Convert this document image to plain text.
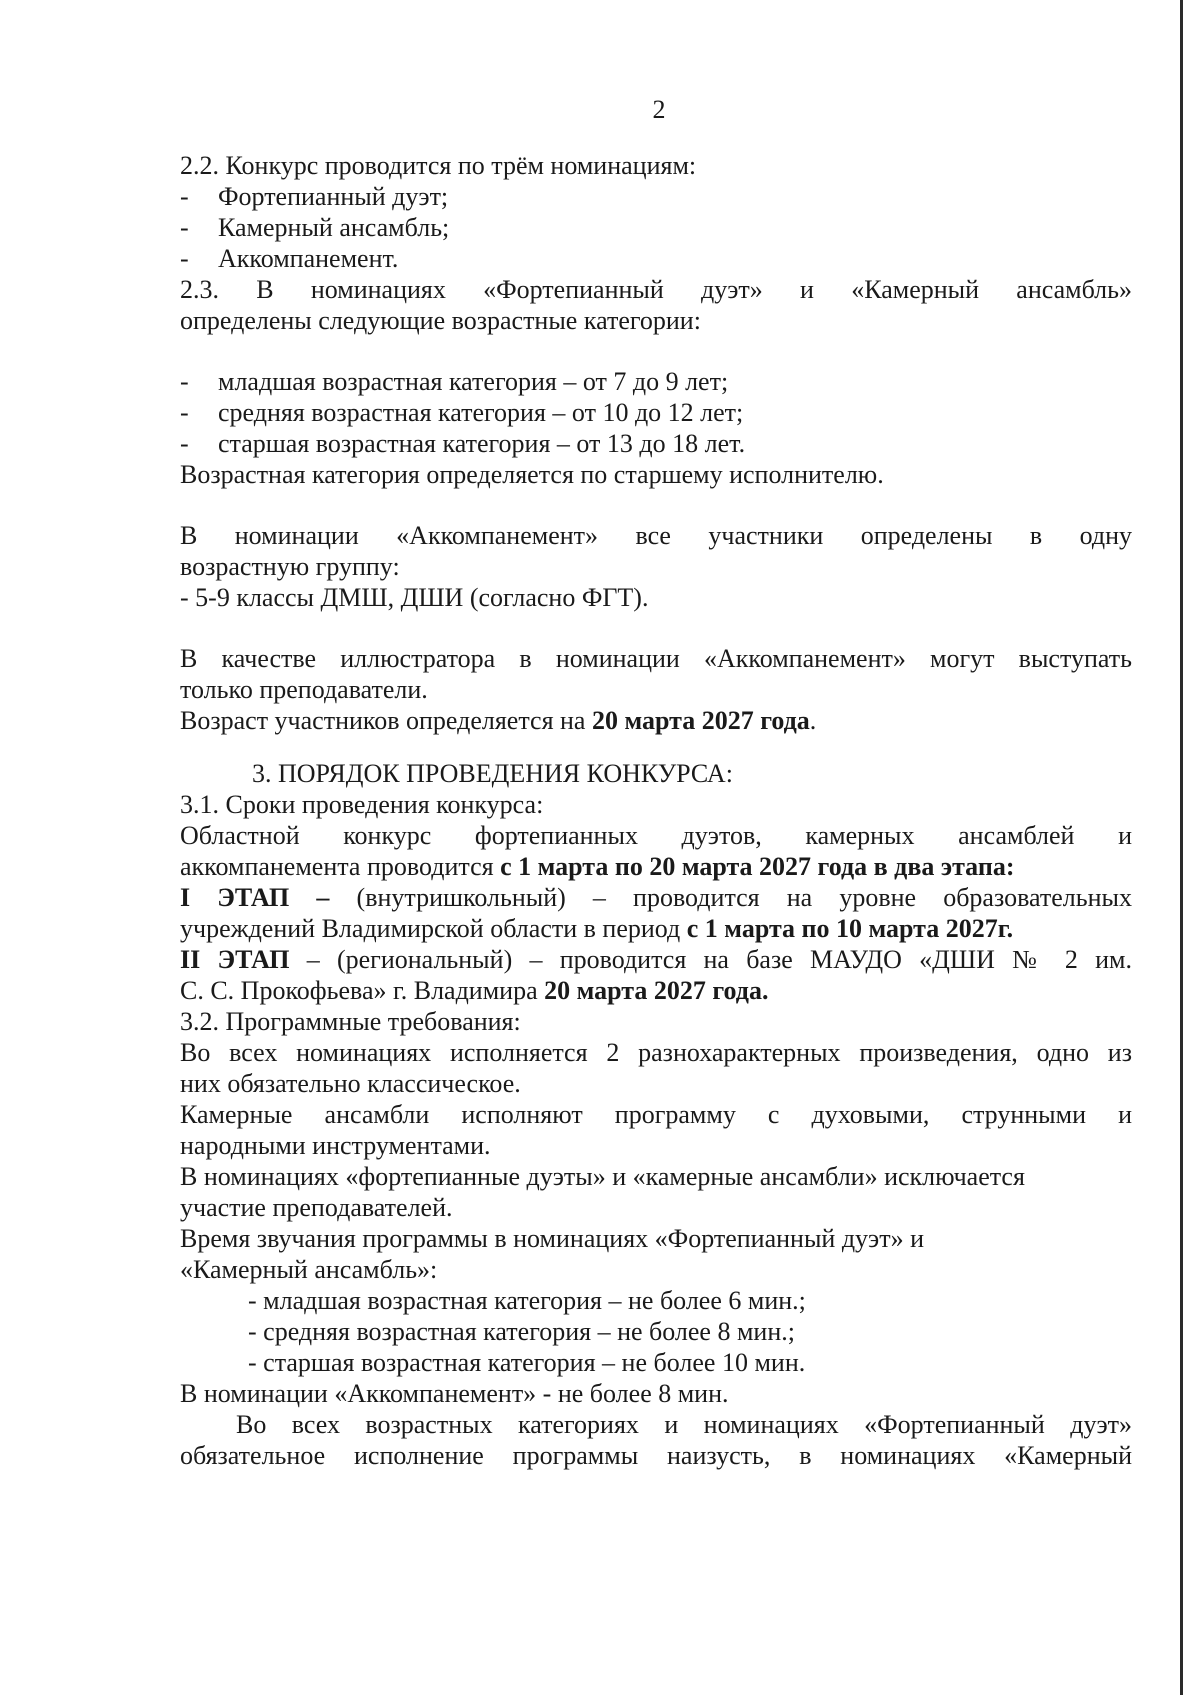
2
2.2. Конкурс проводится по трём номинациям:
- Фортепианный дуэт;
- Камерный ансамбль;
- Аккомпанемент.
2.3. В номинациях «Фортепианный дуэт» и «Камерный ансамбль»
определены следующие возрастные категории:
- младшая возрастная категория – от 7 до 9 лет;
- средняя возрастная категория – от 10 до 12 лет;
- старшая возрастная категория – от 13 до 18 лет.
Возрастная категория определяется по старшему исполнителю.
В номинации «Аккомпанемент» все участники определены в одну
возрастную группу:
- 5-9 классы ДМШ, ДШИ (согласно ФГТ).
В качестве иллюстратора в номинации «Аккомпанемент» могут выступать
только преподаватели.
Возраст участников определяется на 20 марта 2027 года.
3. ПОРЯДОК ПРОВЕДЕНИЯ КОНКУРСА:
3.1. Сроки проведения конкурса:
Областной конкурс фортепианных дуэтов, камерных ансамблей и
аккомпанемента проводится с 1 марта по 20 марта 2027 года в два этапа:
I ЭТАП – (внутришкольный) – проводится на уровне образовательных
учреждений Владимирской области в период с 1 марта по 10 марта 2027г.
II ЭТАП – (региональный) – проводится на базе МАУДО «ДШИ № 2 им.
С. С. Прокофьева» г. Владимира 20 марта 2027 года.
3.2. Программные требования:
Во всех номинациях исполняется 2 разнохарактерных произведения, одно из
них обязательно классическое.
Камерные ансамбли исполняют программу с духовыми, струнными и
народными инструментами.
В номинациях «фортепианные дуэты» и «камерные ансамбли» исключается
участие преподавателей.
Время звучания программы в номинациях «Фортепианный дуэт» и
«Камерный ансамбль»:
- младшая возрастная категория – не более 6 мин.;
- средняя возрастная категория – не более 8 мин.;
- старшая возрастная категория – не более 10 мин.
В номинации «Аккомпанемент» - не более 8 мин.
Во всех возрастных категориях и номинациях «Фортепианный дуэт»
обязательное исполнение программы наизусть, в номинациях «Камерный
